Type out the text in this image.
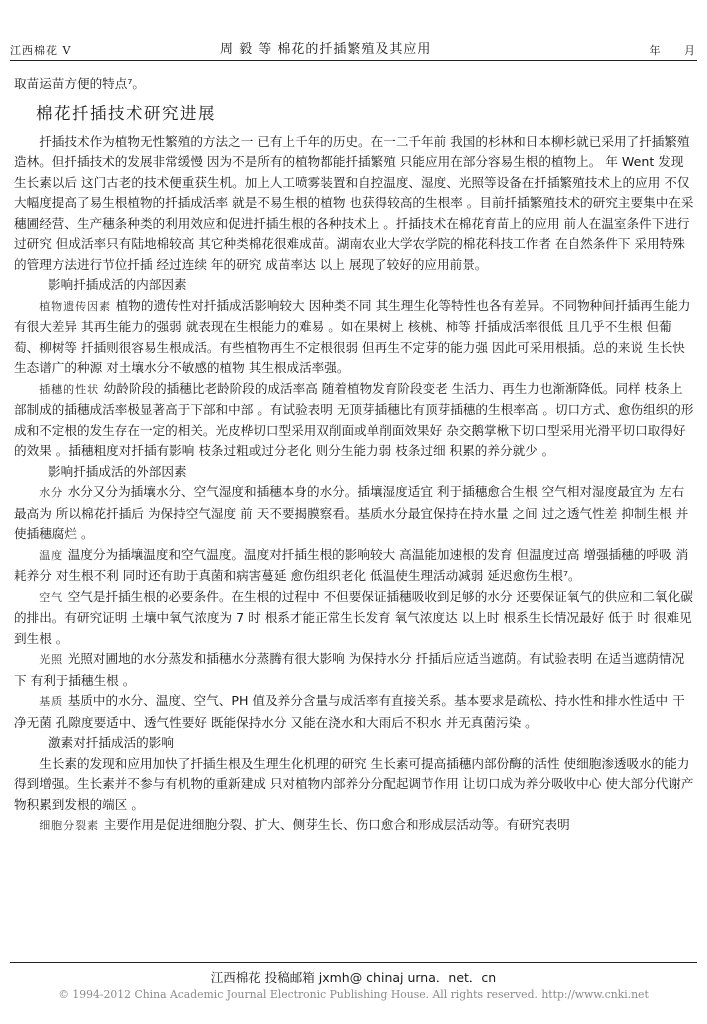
江西棉花 V	周 毅 等 棉花的扦插繁殖及其应用	年 月

取苗运苗方便的特点⁷。

棉花扦插技术研究进展

扦插技术作为植物无性繁殖的方法之一 已有上千年的历史。在一二千年前 我国的杉林和日本柳杉就已采用了扦插繁殖造林。但扦插技术的发展非常缓慢 因为不是所有的植物都能扦插繁殖 只能应用在部分容易生根的植物上。 年 Went 发现生长素以后 这门古老的技术便重获生机。加上人工喷雾装置和自控温度、湿度、光照等设备在扦插繁殖技术上的应用 不仅大幅度提高了易生根植物的扦插成活率 就是不易生根的植物 也获得较高的生根率 。目前扦插繁殖技术的研究主要集中在采穗圃经营、生产穗条种类的利用效应和促进扦插生根的各种技术上 。扦插技术在棉花育苗上的应用 前人在温室条件下进行过研究 但成活率只有陆地棉较高 其它种类棉花很难成苗。湖南农业大学农学院的棉花科技工作者 在自然条件下 采用特殊的管理方法进行节位扦插 经过连续 年的研究 成苗率达 以上 展现了较好的应用前景。

影响扦插成活的内部因素

植物遗传因素 植物的遗传性对扦插成活影响较大 因种类不同 其生理生化等特性也各有差异。不同物种间扦插再生能力有很大差异 其再生能力的强弱 就表现在生根能力的难易 。如在果树上 核桃、柿等 扦插成活率很低 且几乎不生根 但葡萄、柳树等 扦插则很容易生根成活。有些植物再生不定根很弱 但再生不定芽的能力强 因此可采用根插。总的来说 生长快 生态谱广的种源 对土壤水分不敏感的植物 其生根成活率强。

插穗的性状 幼龄阶段的插穗比老龄阶段的成活率高 随着植物发育阶段变老 生活力、再生力也渐渐降低。同样 枝条上部制成的插穗成活率极显著高于下部和中部 。有试验表明 无顶芽插穗比有顶芽插穗的生根率高 。切口方式、愈伤组织的形成和不定根的发生存在一定的相关。光皮桦切口型采用双削面或单削面效果好 杂交鹅掌楸下切口型采用光滑平切口取得好的效果 。插穗粗度对扦插有影响 枝条过粗或过分老化 则分生能力弱 枝条过细 积累的养分就少 。

影响扦插成活的外部因素

水分 水分又分为插壤水分、空气湿度和插穗本身的水分。插壤湿度适宜 利于插穗愈合生根 空气相对湿度最宜为 左右 最高为 所以棉花扦插后 为保持空气湿度 前 天不要揭膜察看。基质水分最宜保持在持水量 之间 过之透气性差 抑制生根 并使插穗腐烂 。

温度 温度分为插壤温度和空气温度。温度对扦插生根的影响较大 高温能加速根的发育 但温度过高 增强插穗的呼吸 消耗养分 对生根不利 同时还有助于真菌和病害蔓延 愈伤组织老化 低温使生理活动减弱 延迟愈伤生根⁷。

空气 空气是扦插生根的必要条件。在生根的过程中 不但要保证插穗吸收到足够的水分 还要保证氧气的供应和二氧化碳的排出。有研究证明 土壤中氧气浓度为 7 时 根系才能正常生长发育 氧气浓度达 以上时 根系生长情况最好 低于 时 很难见到生根 。

光照 光照对圃地的水分蒸发和插穗水分蒸腾有很大影响 为保持水分 扦插后应适当遮荫。有试验表明 在适当遮荫情况下 有利于插穗生根 。

基质 基质中的水分、温度、空气、PH 值及养分含量与成活率有直接关系。基本要求是疏松、持水性和排水性适中 干净无菌 孔隙度要适中、透气性要好 既能保持水分 又能在浇水和大雨后不积水 并无真菌污染 。

激素对扦插成活的影响

生长素的发现和应用加快了扦插生根及生理生化机理的研究 生长素可提高插穗内部份酶的活性 使细胞渗透吸水的能力得到增强。生长素并不参与有机物的重新建成 只对植物内部养分分配起调节作用 让切口成为养分吸收中心 使大部分代谢产物积累到发根的端区 。

细胞分裂素 主要作用是促进细胞分裂、扩大、侧芽生长、伤口愈合和形成层活动等。有研究表明

江西棉花 投稿邮箱 jxmh@ chinaj urna．net．cn
© 1994-2012 China Academic Journal Electronic Publishing House. All rights reserved. http://www.cnki.net
